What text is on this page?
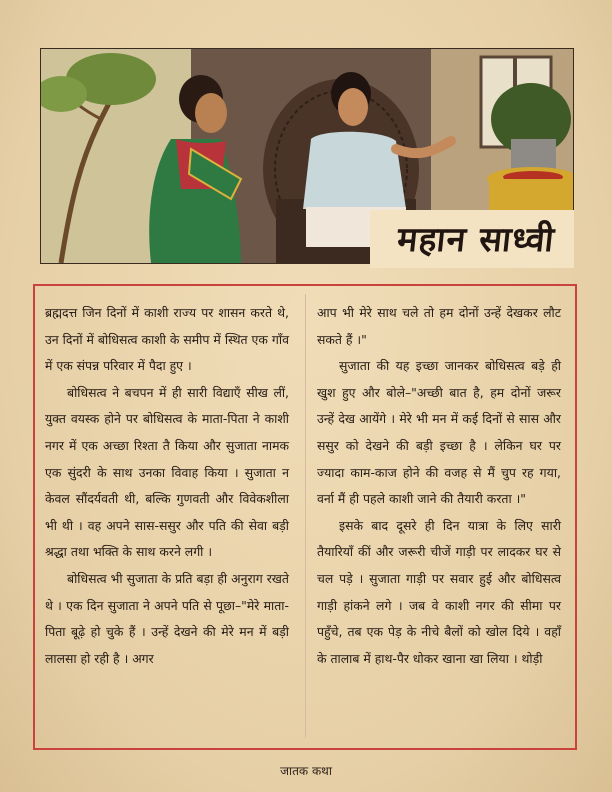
महान साध्वी

ब्रह्मदत्त जिन दिनों में काशी राज्य पर शासन करते थे, उन दिनों में बोधिसत्व काशी के समीप में स्थित एक गाँव में एक संपन्न परिवार में पैदा हुए ।

बोधिसत्व ने बचपन में ही सारी विद्याएँ सीख लीं, युक्त वयस्क होने पर बोधिसत्व के माता-पिता ने काशी नगर में एक अच्छा रिश्ता तै किया और सुजाता नामक एक सुंदरी के साथ उनका विवाह किया । सुजाता न केवल सौंदर्यवती थी, बल्कि गुणवती और विवेकशीला भी थी । वह अपने सास-ससुर और पति की सेवा बड़ी श्रद्धा तथा भक्ति के साथ करने लगी ।

बोधिसत्व भी सुजाता के प्रति बड़ा ही अनुराग रखते थे । एक दिन सुजाता ने अपने पति से पूछा–"मेरे माता-पिता बूढ़े हो चुके हैं । उन्हें देखने की मेरे मन में बड़ी लालसा हो रही है । अगर

आप भी मेरे साथ चले तो हम दोनों उन्हें देखकर लौट सकते हैं ।"

सुजाता की यह इच्छा जानकर बोधिसत्व बड़े ही खुश हुए और बोले–"अच्छी बात है, हम दोनों जरूर उन्हें देख आयेंगे । मेरे भी मन में कई दिनों से सास और ससुर को देखने की बड़ी इच्छा है । लेकिन घर पर ज्यादा काम-काज होने की वजह से मैं चुप रह गया, वर्ना मैं ही पहले काशी जाने की तैयारी करता ।"

इसके बाद दूसरे ही दिन यात्रा के लिए सारी तैयारियाँ कीं और जरूरी चीजें गाड़ी पर लादकर घर से चल पड़े । सुजाता गाड़ी पर सवार हुई और बोधिसत्व गाड़ी हांकने लगे । जब वे काशी नगर की सीमा पर पहुँचे, तब एक पेड़ के नीचे बैलों को खोल दिये । वहाँ के तालाब में हाथ-पैर धोकर खाना खा लिया । थोड़ी

जातक कथा
